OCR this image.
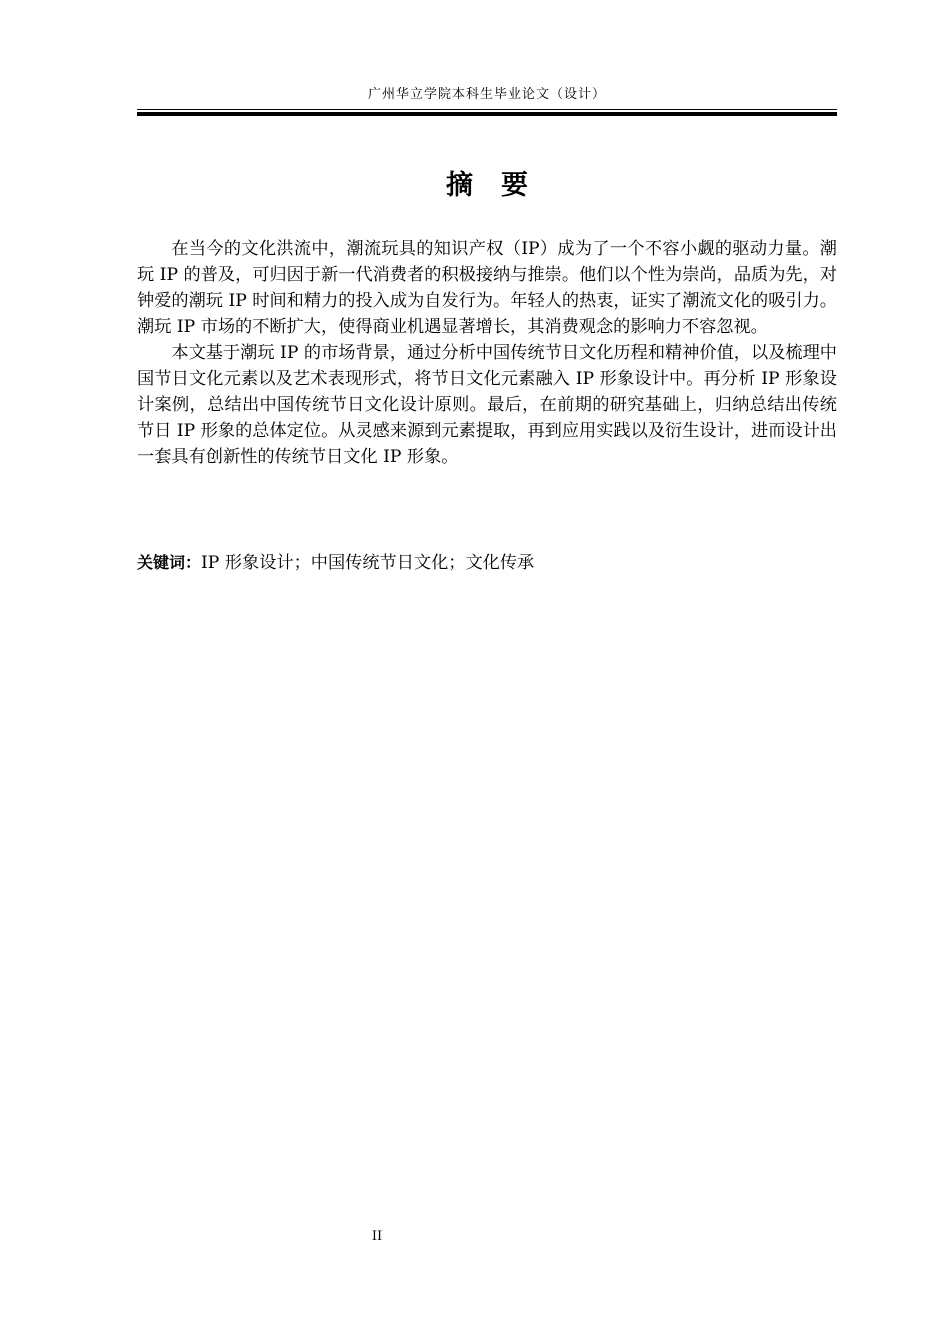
广州华立学院本科生毕业论文（设计）
摘要

在当今的文化洪流中，潮流玩具的知识产权（IP）成为了一个不容小觑的驱动力量。潮玩 IP 的普及，可归因于新一代消费者的积极接纳与推崇。他们以个性为崇尚，品质为先，对钟爱的潮玩 IP 时间和精力的投入成为自发行为。年轻人的热衷，证实了潮流文化的吸引力。潮玩 IP 市场的不断扩大，使得商业机遇显著增长，其消费观念的影响力不容忽视。

本文基于潮玩 IP 的市场背景，通过分析中国传统节日文化历程和精神价值，以及梳理中国节日文化元素以及艺术表现形式，将节日文化元素融入 IP 形象设计中。再分析 IP 形象设计案例，总结出中国传统节日文化设计原则。最后，在前期的研究基础上，归纳总结出传统节日 IP 形象的总体定位。从灵感来源到元素提取，再到应用实践以及衍生设计，进而设计出一套具有创新性的传统节日文化 IP 形象。

关键词：IP 形象设计；中国传统节日文化；文化传承
II
